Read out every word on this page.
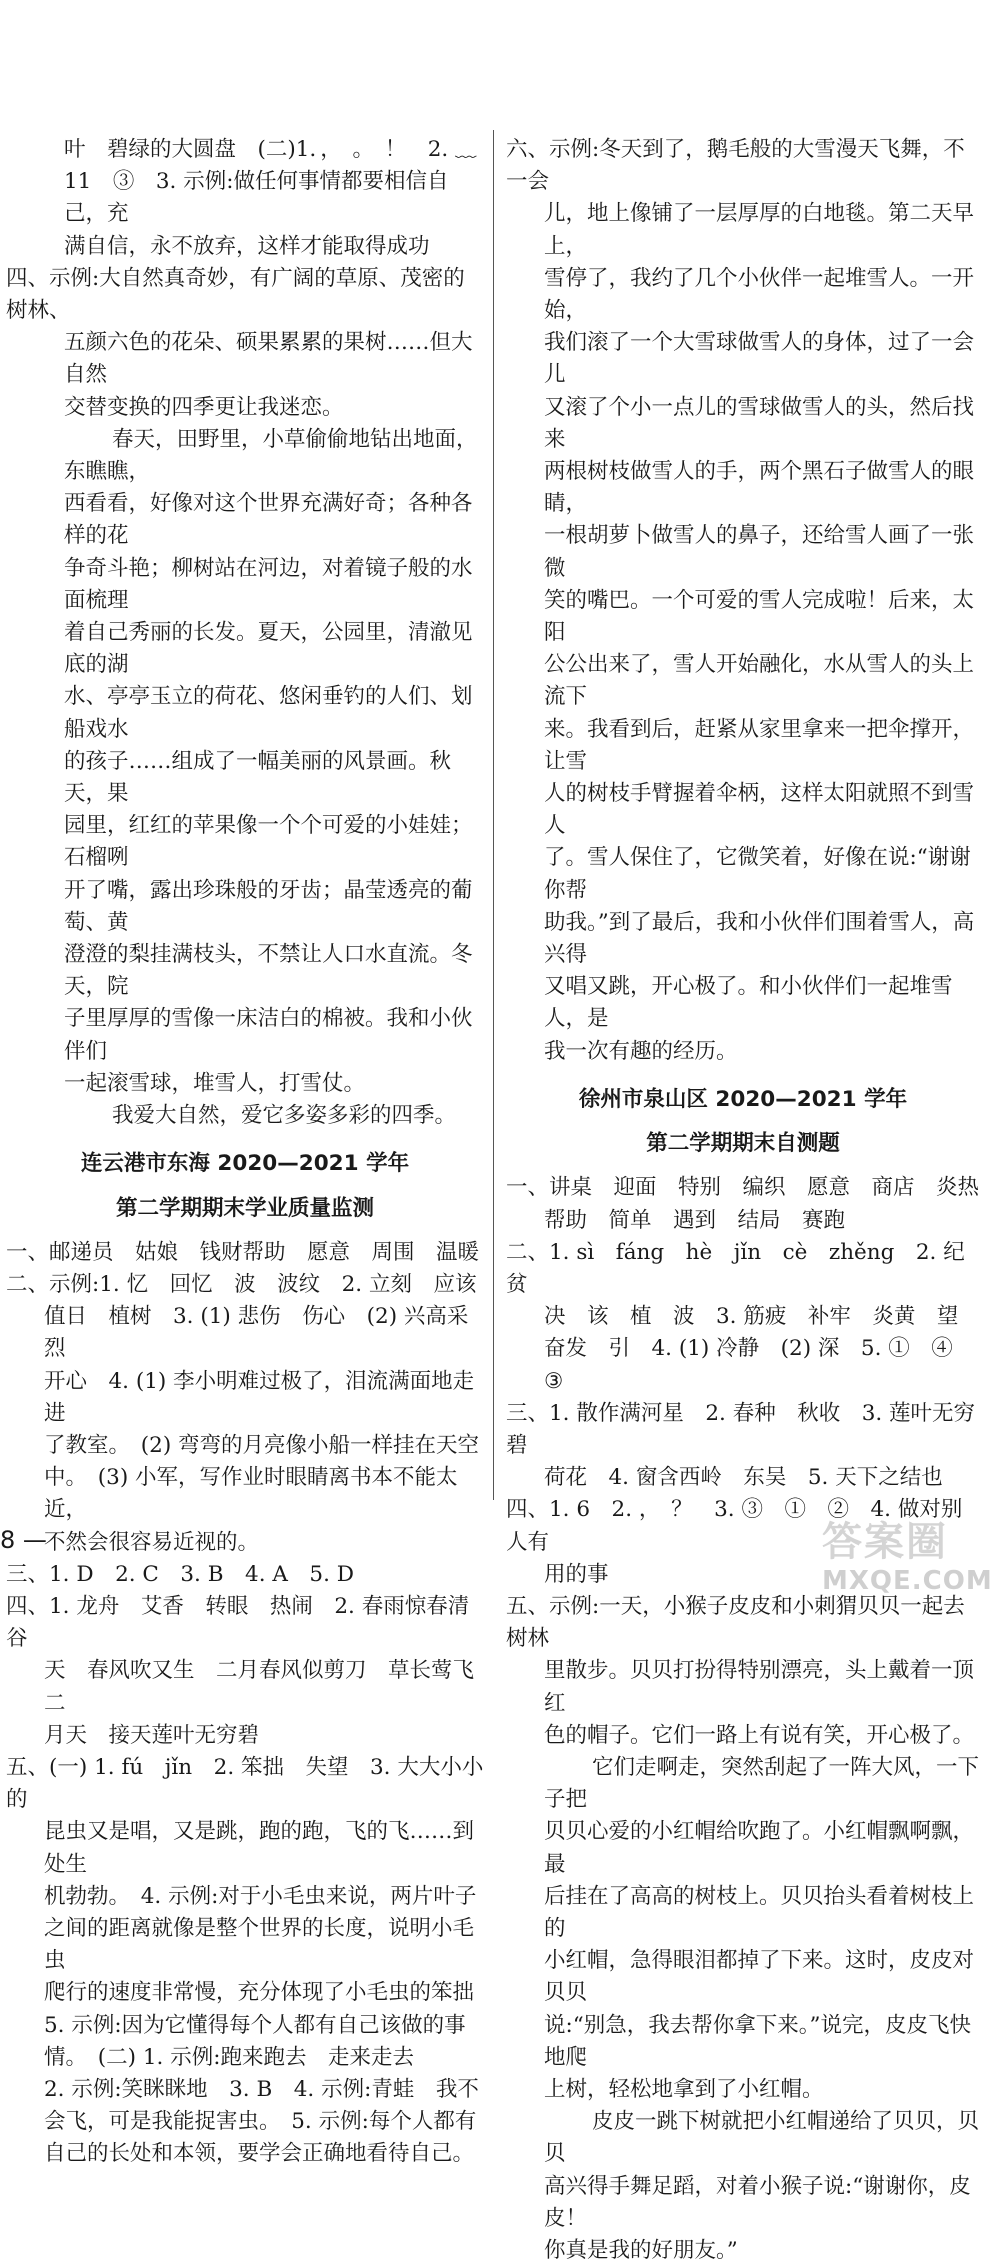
叶　碧绿的大圆盘　(二)1．，　。　！　2. ﹏

11　③　3. 示例:做任何事情都要相信自己，充

满自信，永不放弃，这样才能取得成功

四、示例:大自然真奇妙，有广阔的草原、茂密的树林、

五颜六色的花朵、硕果累累的果树……但大自然

交替变换的四季更让我迷恋。

春天，田野里，小草偷偷地钻出地面，东瞧瞧，

西看看，好像对这个世界充满好奇；各种各样的花

争奇斗艳；柳树站在河边，对着镜子般的水面梳理

着自己秀丽的长发。夏天，公园里，清澈见底的湖

水、亭亭玉立的荷花、悠闲垂钓的人们、划船戏水

的孩子……组成了一幅美丽的风景画。秋天，果

园里，红红的苹果像一个个可爱的小娃娃；石榴咧

开了嘴，露出珍珠般的牙齿；晶莹透亮的葡萄、黄

澄澄的梨挂满枝头，不禁让人口水直流。冬天，院

子里厚厚的雪像一床洁白的棉被。我和小伙伴们

一起滚雪球，堆雪人，打雪仗。

我爱大自然，爱它多姿多彩的四季。

连云港市东海 2020—2021 学年

第二学期期末学业质量监测

一、邮递员　姑娘　钱财帮助　愿意　周围　温暖

二、示例:1. 忆　回忆　波　波纹　2. 立刻　应该

值日　植树　3. (1) 悲伤　伤心　(2) 兴高采烈

开心　4. (1) 李小明难过极了，泪流满面地走进

了教室。　(2) 弯弯的月亮像小船一样挂在天空

中。　(3) 小军，写作业时眼睛离书本不能太近，

不然会很容易近视的。

三、1. D　2. C　3. B　4. A　5. D

四、1. 龙舟　艾香　转眼　热闹　2. 春雨惊春清谷

天　春风吹又生　二月春风似剪刀　草长莺飞二

月天　接天莲叶无穷碧

五、(一) 1. fú　jǐn　2. 笨拙　失望　3. 大大小小的

昆虫又是唱，又是跳，跑的跑，飞的飞……到处生

机勃勃。　4. 示例:对于小毛虫来说，两片叶子

之间的距离就像是整个世界的长度，说明小毛虫

爬行的速度非常慢，充分体现了小毛虫的笨拙

5. 示例:因为它懂得每个人都有自己该做的事

情。　(二) 1. 示例:跑来跑去　走来走去

2. 示例:笑眯眯地　3. B　4. 示例:青蛙　我不

会飞，可是我能捉害虫。　5. 示例:每个人都有

自己的长处和本领，要学会正确地看待自己。

六、示例:冬天到了，鹅毛般的大雪漫天飞舞，不一会

儿，地上像铺了一层厚厚的白地毯。第二天早上，

雪停了，我约了几个小伙伴一起堆雪人。一开始，

我们滚了一个大雪球做雪人的身体，过了一会儿

又滚了个小一点儿的雪球做雪人的头，然后找来

两根树枝做雪人的手，两个黑石子做雪人的眼睛，

一根胡萝卜做雪人的鼻子，还给雪人画了一张微

笑的嘴巴。一个可爱的雪人完成啦！后来，太阳

公公出来了，雪人开始融化，水从雪人的头上流下

来。我看到后，赶紧从家里拿来一把伞撑开，让雪

人的树枝手臂握着伞柄，这样太阳就照不到雪人

了。雪人保住了，它微笑着，好像在说:“谢谢你帮

助我。”到了最后，我和小伙伴们围着雪人，高兴得

又唱又跳，开心极了。和小伙伴们一起堆雪人，是

我一次有趣的经历。

徐州市泉山区 2020—2021 学年

第二学期期末自测题

一、讲桌　迎面　特别　编织　愿意　商店　炎热

帮助　简单　遇到　结局　赛跑

二、1. sì　fáng　hè　jǐn　cè　zhěng　2. 纪　贫

决　该　植　波　3. 筋疲　补牢　炎黄　望

奋发　引　4. (1) 冷静　(2) 深　5. ①　④

③

三、1. 散作满河星　2. 春种　秋收　3. 莲叶无穷碧

荷花　4. 窗含西岭　东吴　5. 天下之结也

四、1. 6　2. ，　？　3. ③　①　②　4. 做对别人有

用的事

五、示例:一天，小猴子皮皮和小刺猬贝贝一起去树林

里散步。贝贝打扮得特别漂亮，头上戴着一顶红

色的帽子。它们一路上有说有笑，开心极了。

它们走啊走，突然刮起了一阵大风，一下子把

贝贝心爱的小红帽给吹跑了。小红帽飘啊飘，最

后挂在了高高的树枝上。贝贝抬头看着树枝上的

小红帽，急得眼泪都掉了下来。这时，皮皮对贝贝

说:“别急，我去帮你拿下来。”说完，皮皮飞快地爬

上树，轻松地拿到了小红帽。

皮皮一跳下树就把小红帽递给了贝贝，贝贝

高兴得手舞足蹈，对着小猴子说:“谢谢你，皮皮！

你真是我的好朋友。”

8 —	答案圈
MXQE.COM
